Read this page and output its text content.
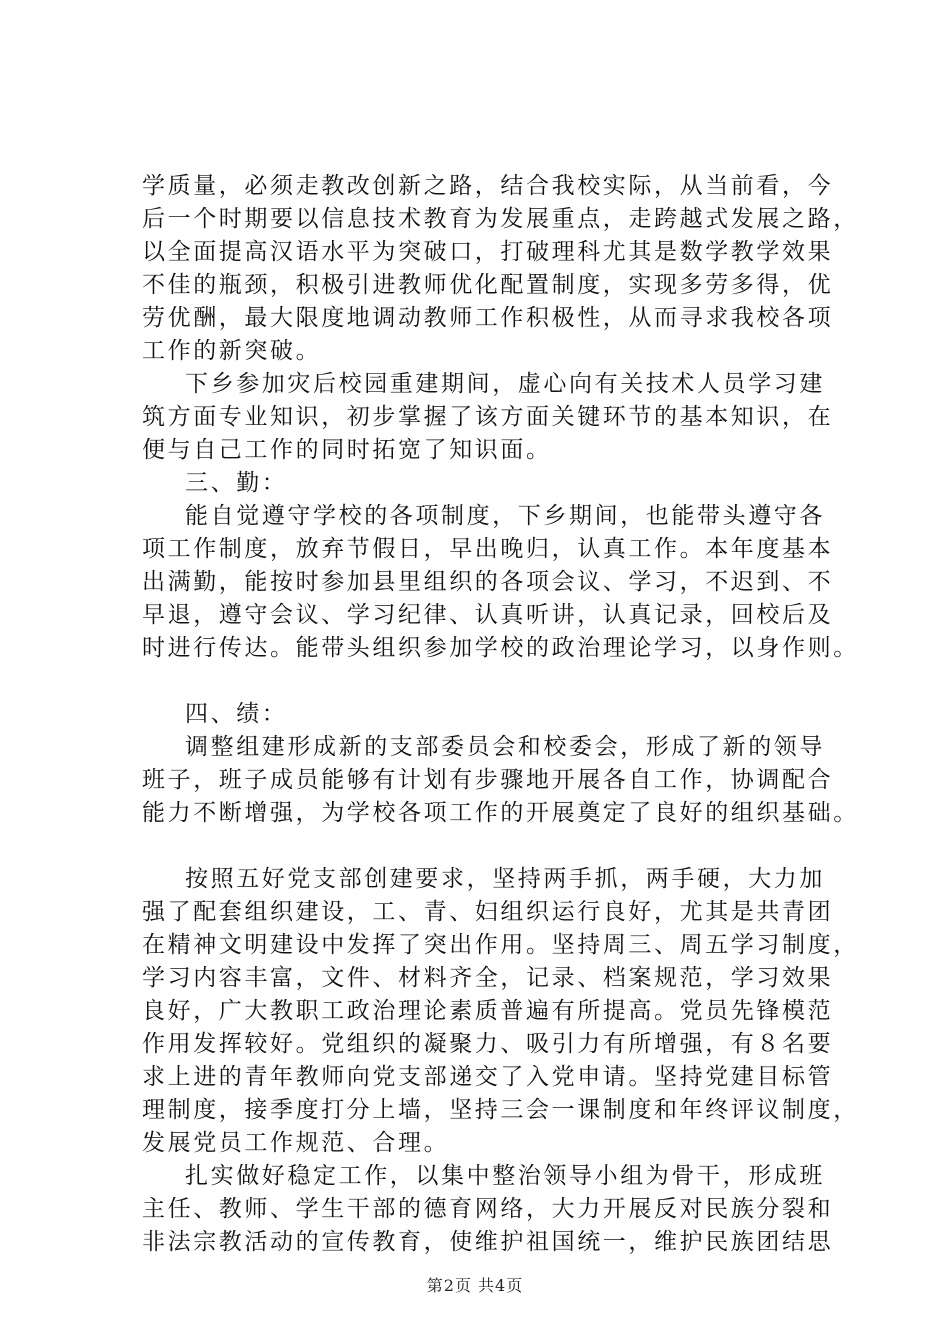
学质量，必须走教改创新之路，结合我校实际，从当前看，今
后一个时期要以信息技术教育为发展重点，走跨越式发展之路，
以全面提高汉语水平为突破口，打破理科尤其是数学教学效果
不佳的瓶颈，积极引进教师优化配置制度，实现多劳多得，优
劳优酬，最大限度地调动教师工作积极性，从而寻求我校各项
工作的新突破。
下乡参加灾后校园重建期间，虚心向有关技术人员学习建
筑方面专业知识，初步掌握了该方面关键环节的基本知识，在
便与自己工作的同时拓宽了知识面。
三、勤：
能自觉遵守学校的各项制度，下乡期间，也能带头遵守各
项工作制度，放弃节假日，早出晚归，认真工作。本年度基本
出满勤，能按时参加县里组织的各项会议、学习，不迟到、不
早退，遵守会议、学习纪律、认真听讲，认真记录，回校后及
时进行传达。能带头组织参加学校的政治理论学习，以身作则。
四、绩：
调整组建形成新的支部委员会和校委会，形成了新的领导
班子，班子成员能够有计划有步骤地开展各自工作，协调配合
能力不断增强，为学校各项工作的开展奠定了良好的组织基础。
按照五好党支部创建要求，坚持两手抓，两手硬，大力加
强了配套组织建设，工、青、妇组织运行良好，尤其是共青团
在精神文明建设中发挥了突出作用。坚持周三、周五学习制度，
学习内容丰富，文件、材料齐全，记录、档案规范，学习效果
良好，广大教职工政治理论素质普遍有所提高。党员先锋模范
作用发挥较好。党组织的凝聚力、吸引力有所增强，有８名要
求上进的青年教师向党支部递交了入党申请。坚持党建目标管
理制度，接季度打分上墙，坚持三会一课制度和年终评议制度，
发展党员工作规范、合理。
扎实做好稳定工作，以集中整治领导小组为骨干，形成班
主任、教师、学生干部的德育网络，大力开展反对民族分裂和
非法宗教活动的宣传教育，使维护祖国统一，维护民族团结思
第2页 共4页
